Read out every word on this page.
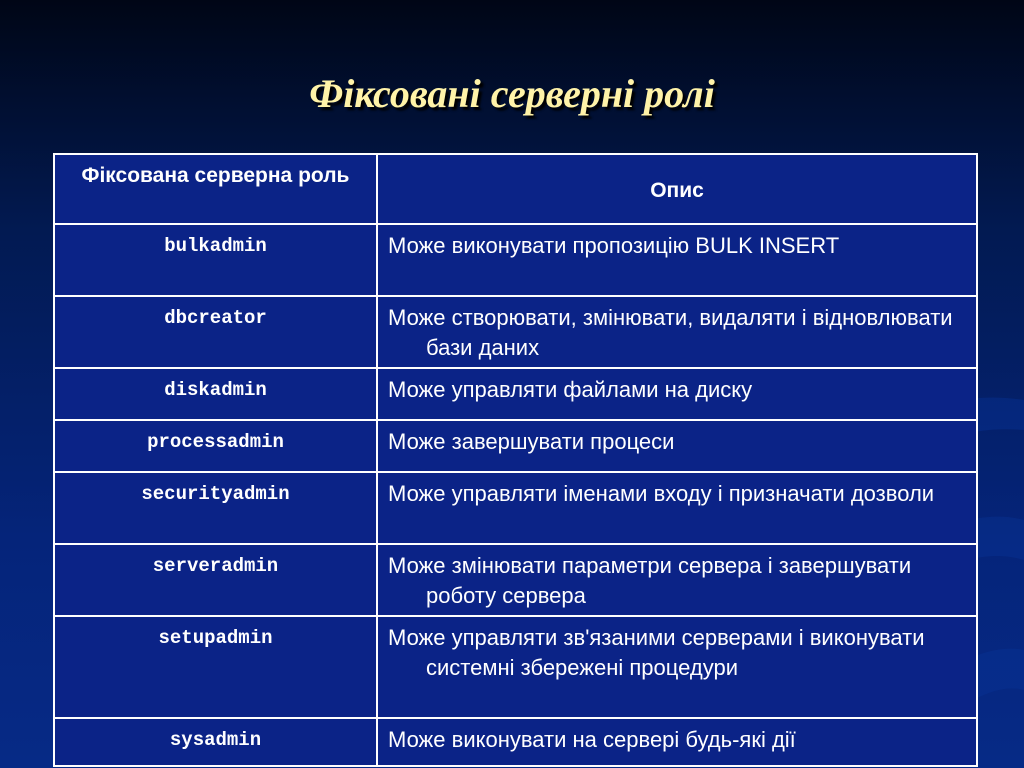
Фіксовані серверні ролі
Фіксована серверна роль	Опис
bulkadmin	Може виконувати пропозицію BULK INSERT

dbcreator	Може створювати, змінювати, видаляти і відновлювати бази даних

diskadmin	Може управляти файлами на диску

processadmin	Може завершувати процеси

securityadmin	Може управляти іменами входу і призначати дозволи

serveradmin	Може змінювати параметри сервера і завершувати роботу сервера

setupadmin	Може управляти зв'язаними серверами і виконувати системні збережені процедури

sysadmin	Може виконувати на сервері будь-які дії
